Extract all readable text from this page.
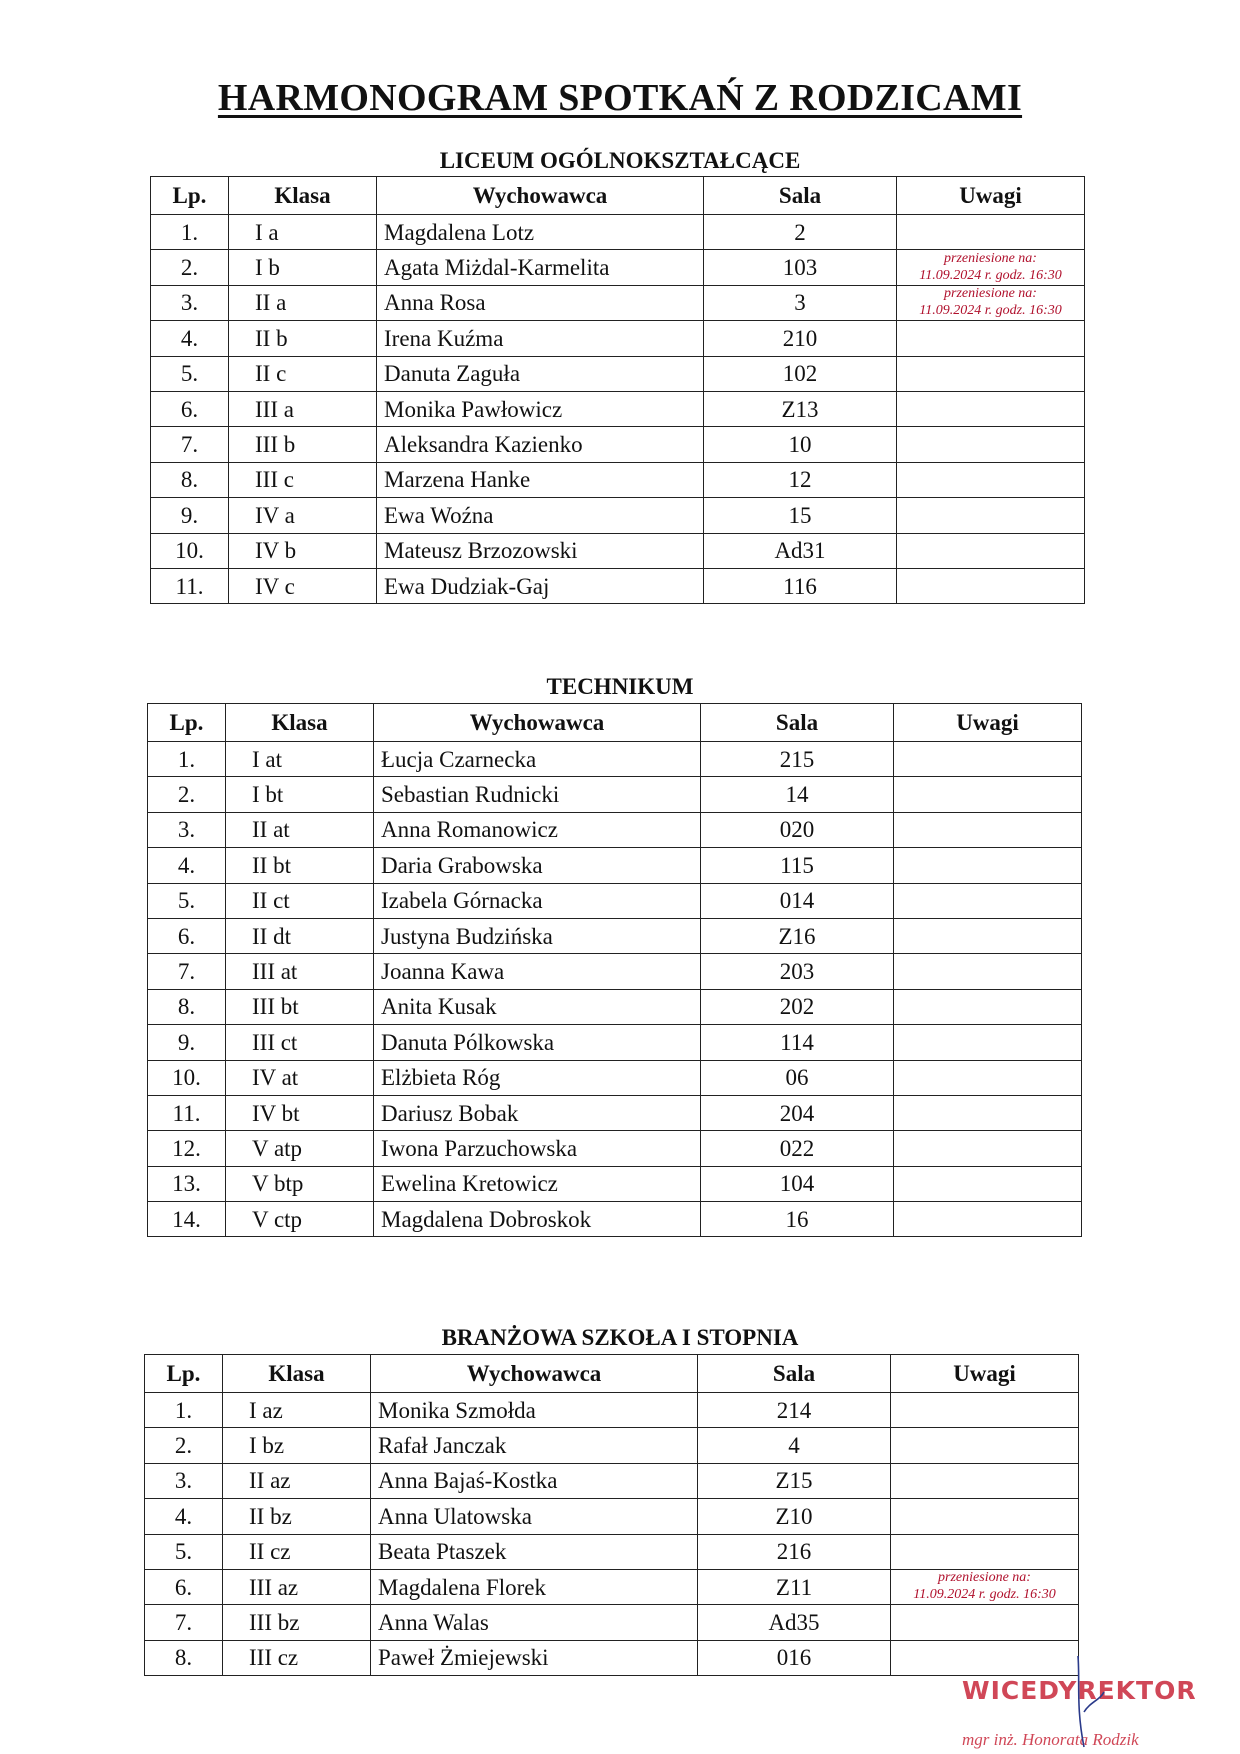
HARMONOGRAM SPOTKAŃ Z RODZICAMI
LICEUM OGÓLNOKSZTAŁCĄCE
Lp.	Klasa	Wychowawca	Sala	Uwagi
1.	I a	Magdalena Lotz	2	
2.	I b	Agata Miżdal-Karmelita	103	przeniesione na:
11.09.2024 r. godz. 16:30

3.	II a	Anna Rosa	3	przeniesione na:
11.09.2024 r. godz. 16:30

4.	II b	Irena Kuźma	210	
5.	II c	Danuta Zaguła	102	
6.	III a	Monika Pawłowicz	Z13	
7.	III b	Aleksandra Kazienko	10	
8.	III c	Marzena Hanke	12	
9.	IV a	Ewa Woźna	15	
10.	IV b	Mateusz Brzozowski	Ad31	
11.	IV c	Ewa Dudziak-Gaj	116	
TECHNIKUM
Lp.	Klasa	Wychowawca	Sala	Uwagi
1.	I at	Łucja Czarnecka	215	
2.	I bt	Sebastian Rudnicki	14	
3.	II at	Anna Romanowicz	020	
4.	II bt	Daria Grabowska	115	
5.	II ct	Izabela Górnacka	014	
6.	II dt	Justyna Budzińska	Z16	
7.	III at	Joanna Kawa	203	
8.	III bt	Anita Kusak	202	
9.	III ct	Danuta Pólkowska	114	
10.	IV at	Elżbieta Róg	06	
11.	IV bt	Dariusz Bobak	204	
12.	V atp	Iwona Parzuchowska	022	
13.	V btp	Ewelina Kretowicz	104	
14.	V ctp	Magdalena Dobroskok	16	
BRANŻOWA SZKOŁA I STOPNIA
Lp.	Klasa	Wychowawca	Sala	Uwagi
1.	I az	Monika Szmołda	214	
2.	I bz	Rafał Janczak	4	
3.	II az	Anna Bajaś-Kostka	Z15	
4.	II bz	Anna Ulatowska	Z10	
5.	II cz	Beata Ptaszek	216	
6.	III az	Magdalena Florek	Z11	przeniesione na:
11.09.2024 r. godz. 16:30

7.	III bz	Anna Walas	Ad35	
8.	III cz	Paweł Żmiejewski	016	
WICEDYREKTOR
mgr inż. Honorata Rodzik
